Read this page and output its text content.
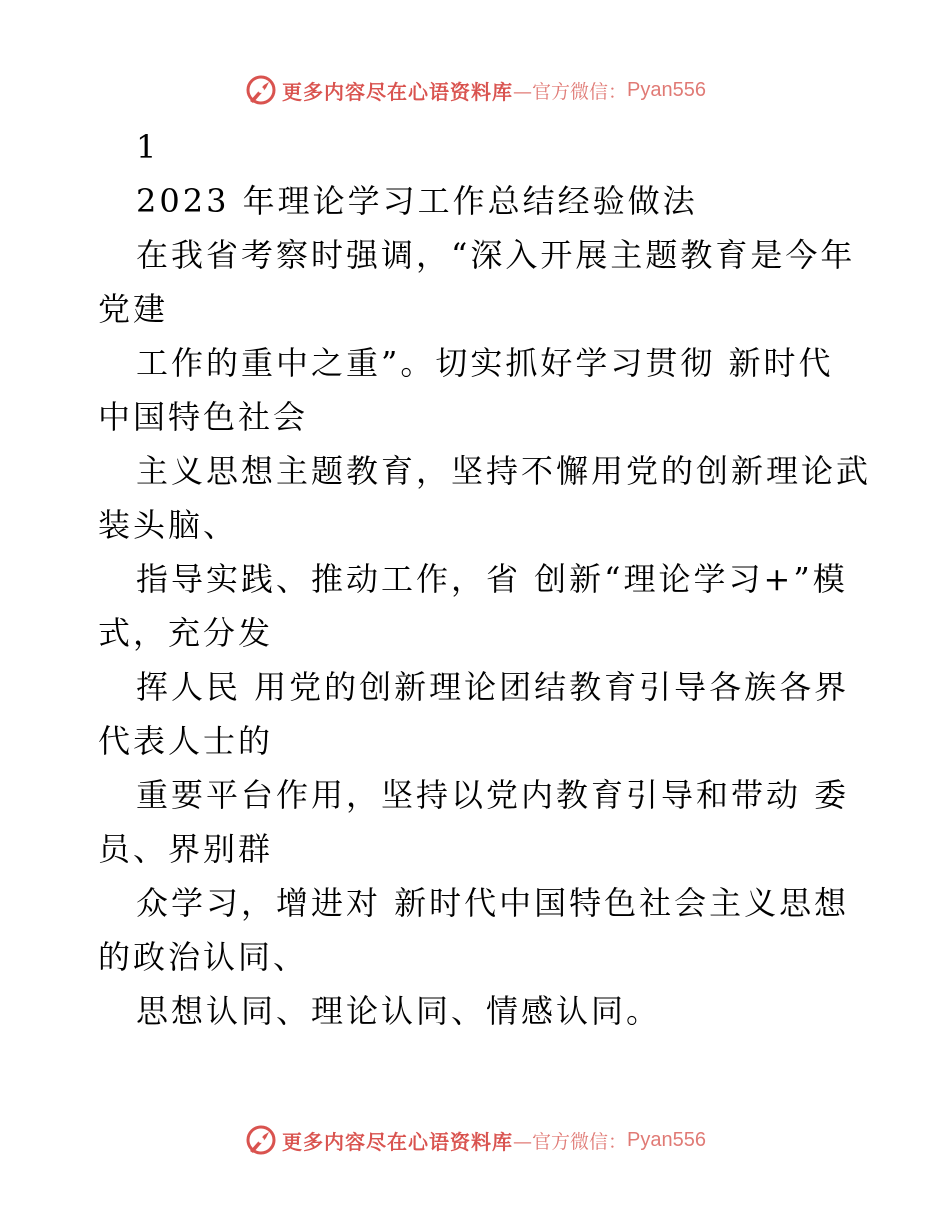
更多内容尽在心语资料库 —官方微信： Pyan556
1
2023 年理论学习工作总结经验做法
在我省考察时强调，“深入开展主题教育是今年
党建
工作的重中之重”。切实抓好学习贯彻 新时代
中国特色社会
主义思想主题教育，坚持不懈用党的创新理论武
装头脑、
指导实践、推动工作，省 创新“理论学习+”模
式，充分发
挥人民 用党的创新理论团结教育引导各族各界
代表人士的
重要平台作用，坚持以党内教育引导和带动 委
员、界别群
众学习，增进对 新时代中国特色社会主义思想
的政治认同、
思想认同、理论认同、情感认同。
更多内容尽在心语资料库 —官方微信： Pyan556
